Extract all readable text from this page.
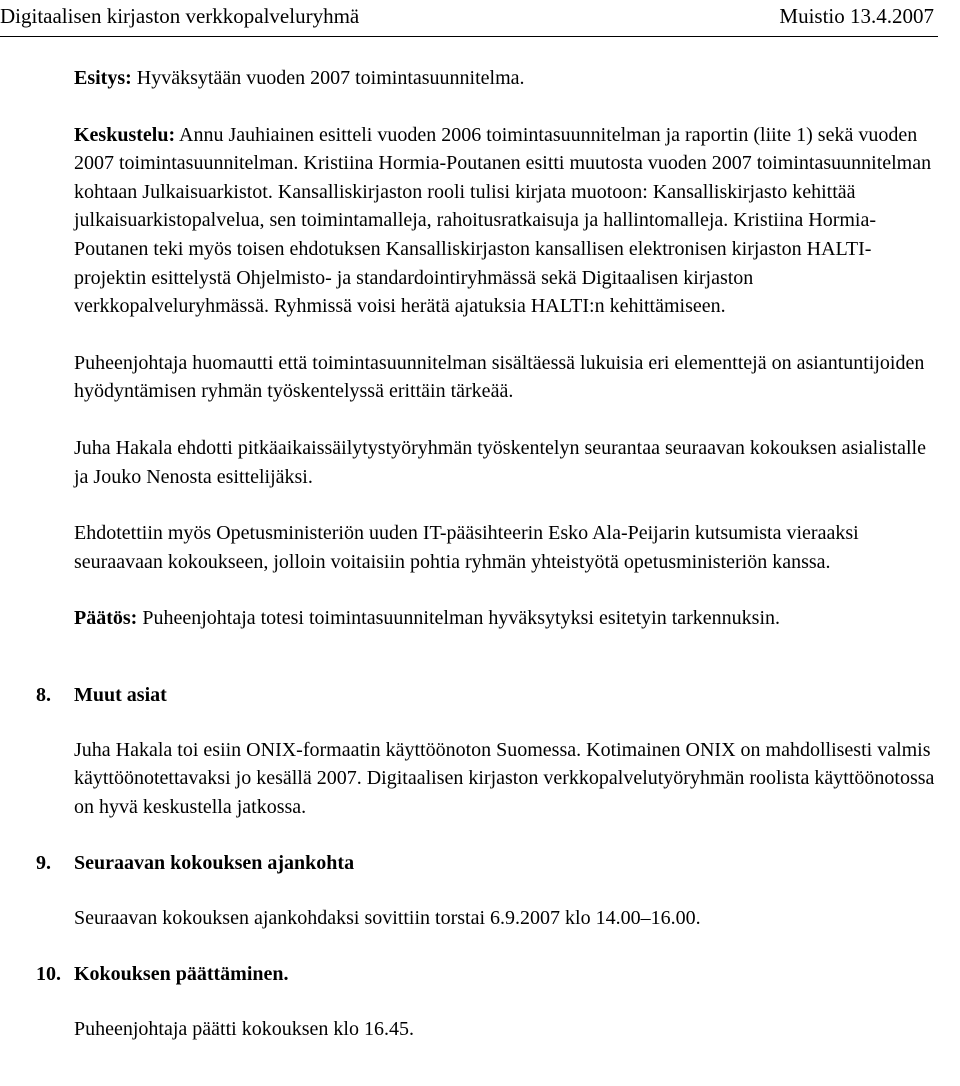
Digitaalisen kirjaston verkkopalveluryhmä	Muistio 13.4.2007

Esitys: Hyväksytään vuoden 2007 toimintasuunnitelma.

Keskustelu: Annu Jauhiainen esitteli vuoden 2006 toimintasuunnitelman ja raportin (liite 1) sekä vuoden 2007 toimintasuunnitelman. Kristiina Hormia-Poutanen esitti muutosta vuoden 2007 toimintasuunnitelman kohtaan Julkaisuarkistot. Kansalliskirjaston rooli tulisi kirjata muotoon: Kansalliskirjasto kehittää julkaisuarkistopalvelua, sen toimintamalleja, rahoitusratkaisuja ja hallintomalleja. Kristiina Hormia-Poutanen teki myös toisen ehdotuksen Kansalliskirjaston kansallisen elektronisen kirjaston HALTI-projektin esittelystä Ohjelmisto- ja standardointiryhmässä sekä Digitaalisen kirjaston verkkopalveluryhmässä. Ryhmissä voisi herätä ajatuksia HALTI:n kehittämiseen.

Puheenjohtaja huomautti että toimintasuunnitelman sisältäessä lukuisia eri elementtejä on asiantuntijoiden hyödyntämisen ryhmän työskentelyssä erittäin tärkeää.

Juha Hakala ehdotti pitkäaikaissäilytystyöryhmän työskentelyn seurantaa seuraavan kokouksen asialistalle ja Jouko Nenosta esittelijäksi.

Ehdotettiin myös Opetusministeriön uuden IT-pääsihteerin Esko Ala-Peijarin kutsumista vieraaksi seuraavaan kokoukseen, jolloin voitaisiin pohtia ryhmän yhteistyötä opetusministeriön kanssa.

Päätös: Puheenjohtaja totesi toimintasuunnitelman hyväksytyksi esitetyin tarkennuksin.

8.	Muut asiat

Juha Hakala toi esiin ONIX-formaatin käyttöönoton Suomessa. Kotimainen ONIX on mahdollisesti valmis käyttöönotettavaksi jo kesällä 2007. Digitaalisen kirjaston verkkopalvelutyöryhmän roolista käyttöönotossa on hyvä keskustella jatkossa.

9.	Seuraavan kokouksen ajankohta

Seuraavan kokouksen ajankohdaksi sovittiin torstai 6.9.2007 klo 14.00–16.00.

10. Kokouksen päättäminen.

Puheenjohtaja päätti kokouksen klo 16.45.
